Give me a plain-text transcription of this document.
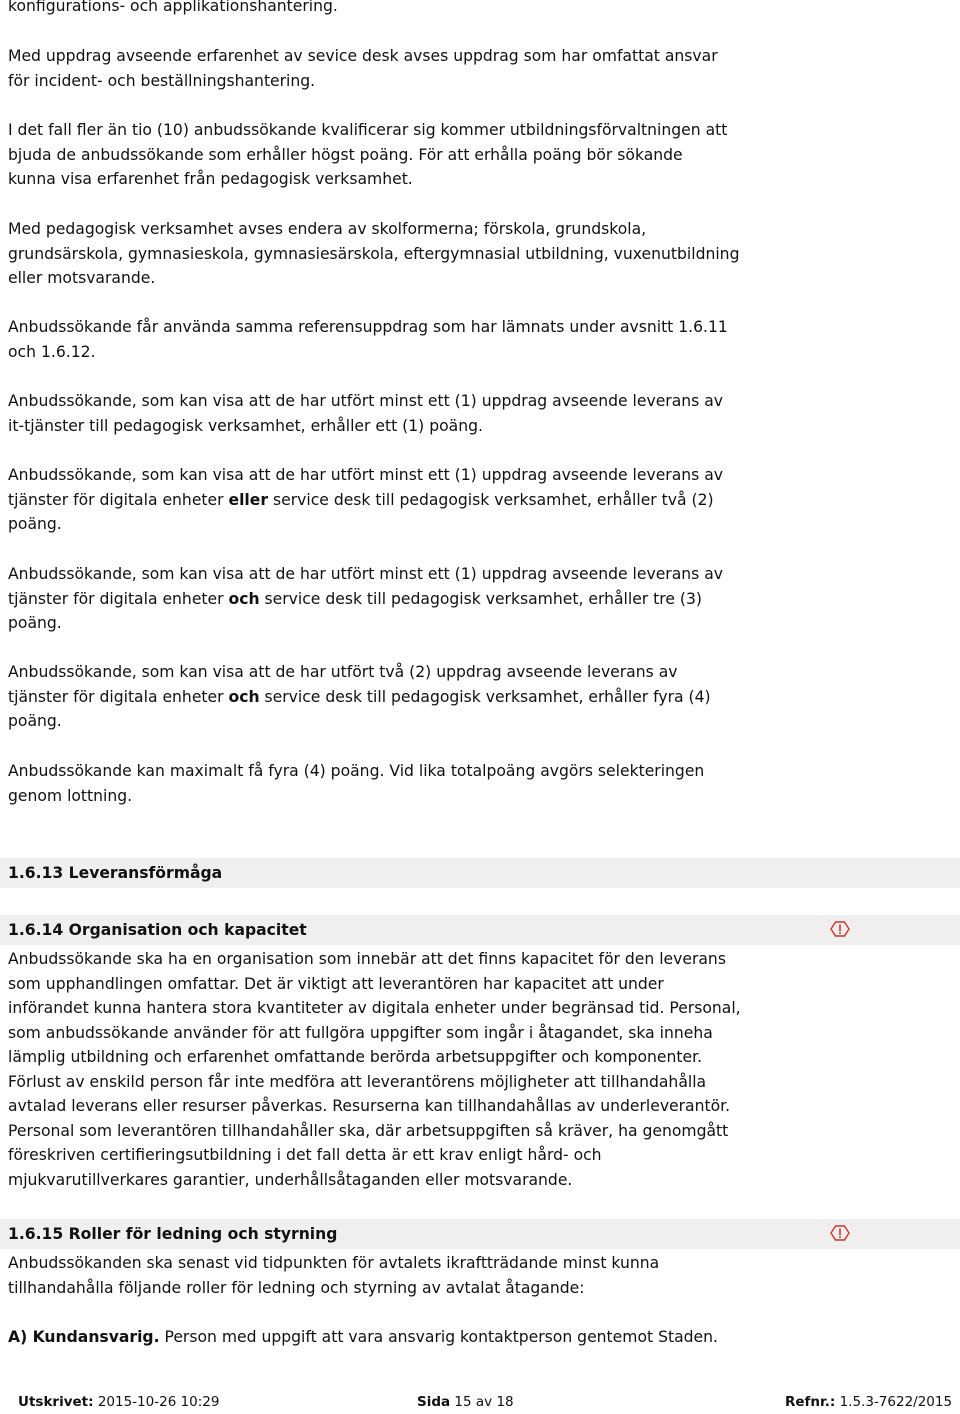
konfigurations- och applikationshantering.
Med uppdrag avseende erfarenhet av sevice desk avses uppdrag som har omfattat ansvar
för incident- och beställningshantering.
I det fall fler än tio (10) anbudssökande kvalificerar sig kommer utbildningsförvaltningen att
bjuda de anbudssökande som erhåller högst poäng. För att erhålla poäng bör sökande
kunna visa erfarenhet från pedagogisk verksamhet.
Med pedagogisk verksamhet avses endera av skolformerna; förskola, grundskola,
grundsärskola, gymnasieskola, gymnasiesärskola, eftergymnasial utbildning, vuxenutbildning
eller motsvarande.
Anbudssökande får använda samma referensuppdrag som har lämnats under avsnitt 1.6.11
och 1.6.12.
Anbudssökande, som kan visa att de har utfört minst ett (1) uppdrag avseende leverans av
it-tjänster till pedagogisk verksamhet, erhåller ett (1) poäng.
Anbudssökande, som kan visa att de har utfört minst ett (1) uppdrag avseende leverans av
tjänster för digitala enheter eller service desk till pedagogisk verksamhet, erhåller två (2)
poäng.
Anbudssökande, som kan visa att de har utfört minst ett (1) uppdrag avseende leverans av
tjänster för digitala enheter och service desk till pedagogisk verksamhet, erhåller tre (3)
poäng.
Anbudssökande, som kan visa att de har utfört två (2) uppdrag avseende leverans av
tjänster för digitala enheter och service desk till pedagogisk verksamhet, erhåller fyra (4)
poäng.
Anbudssökande kan maximalt få fyra (4) poäng. Vid lika totalpoäng avgörs selekteringen
genom lottning.
1.6.13 Leveransförmåga
1.6.14 Organisation och kapacitet
Anbudssökande ska ha en organisation som innebär att det finns kapacitet för den leverans
som upphandlingen omfattar. Det är viktigt att leverantören har kapacitet att under
införandet kunna hantera stora kvantiteter av digitala enheter under begränsad tid. Personal,
som anbudssökande använder för att fullgöra uppgifter som ingår i åtagandet, ska inneha
lämplig utbildning och erfarenhet omfattande berörda arbetsuppgifter och komponenter.
Förlust av enskild person får inte medföra att leverantörens möjligheter att tillhandahålla
avtalad leverans eller resurser påverkas. Resurserna kan tillhandahållas av underleverantör.
Personal som leverantören tillhandahåller ska, där arbetsuppgiften så kräver, ha genomgått
föreskriven certifieringsutbildning i det fall detta är ett krav enligt hård- och
mjukvarutillverkares garantier, underhållsåtaganden eller motsvarande.
1.6.15 Roller för ledning och styrning
Anbudssökanden ska senast vid tidpunkten för avtalets ikraftträdande minst kunna
tillhandahålla följande roller för ledning och styrning av avtalat åtagande:
A) Kundansvarig. Person med uppgift att vara ansvarig kontaktperson gentemot Staden.
Utskrivet: 2015-10-26 10:29	Sida 15 av 18	Refnr.: 1.5.3-7622/2015
